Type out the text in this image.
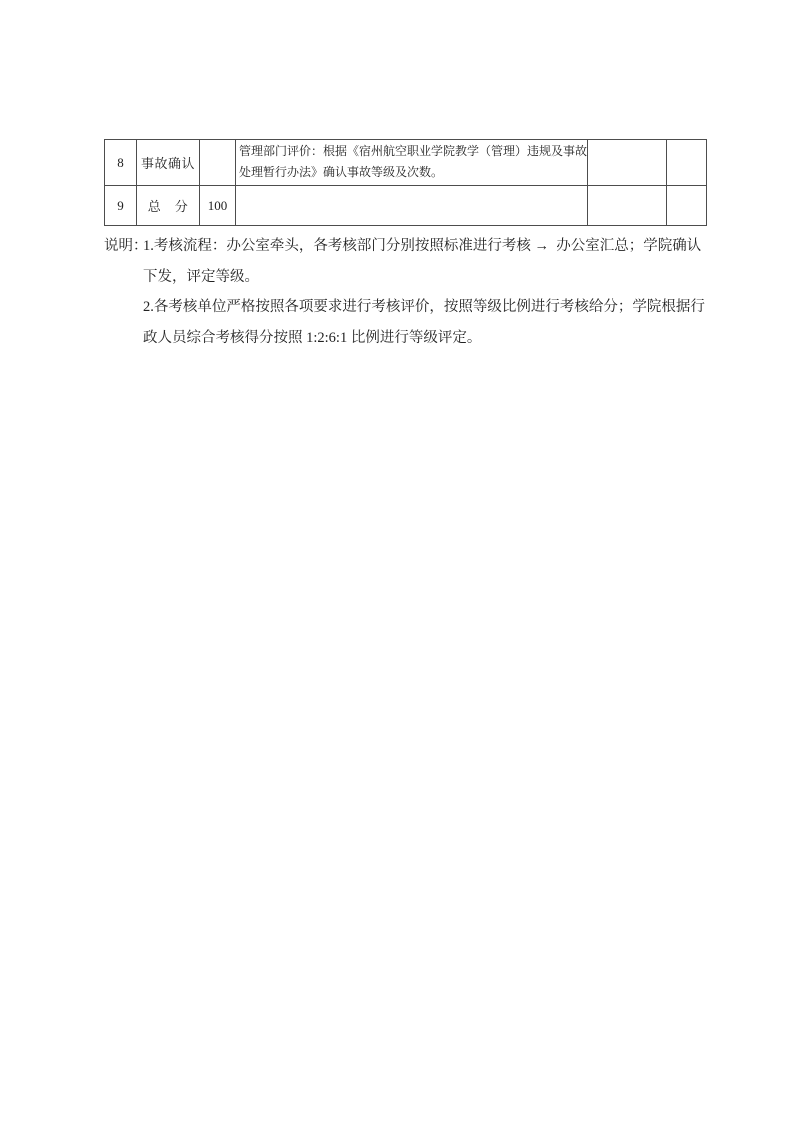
8	事故确认		管理部门评价：根据《宿州航空职业学院教学（管理）违规及事故
处理暂行办法》确认事故等级及次数。		

9	总　分	100	

说明：
1.考核流程：办公室牵头，各考核部门分别按照标准进行考核 →  办公室汇总；学院确认
下发，评定等级。
2.各考核单位严格按照各项要求进行考核评价，按照等级比例进行考核给分；学院根据行
政人员综合考核得分按照 1:2:6:1 比例进行等级评定。
